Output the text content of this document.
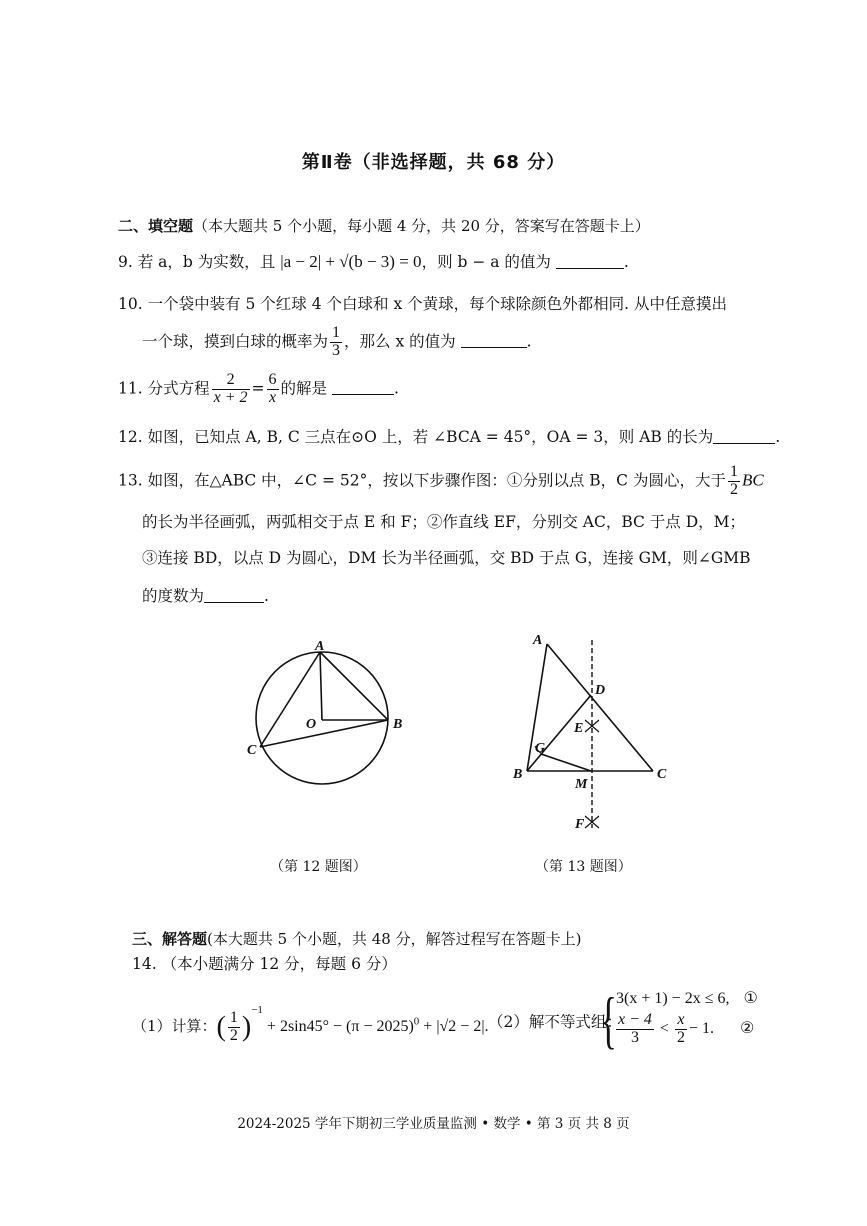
第Ⅱ卷（非选择题，共 68 分）
二、填空题（本大题共 5 个小题，每小题 4 分，共 20 分，答案写在答题卡上）
9. 若 a，b 为实数，且 |a − 2| + √(b − 3) = 0，则 b − a 的值为	.
10. 一个袋中装有 5 个红球 4 个白球和 x 个黄球，每个球除颜色外都相同. 从中任意摸出
一个球，摸到白球的概率为 $\frac{1}{3}$ ，那么 x 的值为	.
11. 分式方程 $\frac{2}{x + 2} = \frac{6}{x}$ 的解是	.
12. 如图，已知点 A, B, C 三点在⊙O 上，若 ∠BCA = 45°，OA = 3，则 AB 的长为	.
13. 如图，在△ABC 中，∠C = 52°，按以下步骤作图：①分别以点 B，C 为圆心，大于 $\frac{1}{2}$ BC
的长为半径画弧，两弧相交于点 E 和 F；②作直线 EF，分别交 AC，BC 于点 D，M；
③连接 BD，以点 D 为圆心，DM 长为半径画弧，交 BD 于点 G，连接 GM，则∠GMB
的度数为	.
A
O	B
C
A
D
E
G
B
M
C
F
（第 12 题图）	（第 13 题图）
三、解答题(本大题共 5 个小题，共 48 分，解答过程写在答题卡上)
14. （本小题满分 12 分，每题 6 分）
（1）计算：( $\frac{1}{2} )^{-1} + 2\sin 45^\circ - (\pi - 2025)^0 + |√2 - 2|$. （2）解不等式组：
{ 3(x + 1) − 2x ≤ 6, ①
$\frac{x - 4}{3} < \frac{x}{2} - 1$. ②
2024-2025 学年下期初三学业质量监测 • 数学 • 第 3 页 共 8 页
